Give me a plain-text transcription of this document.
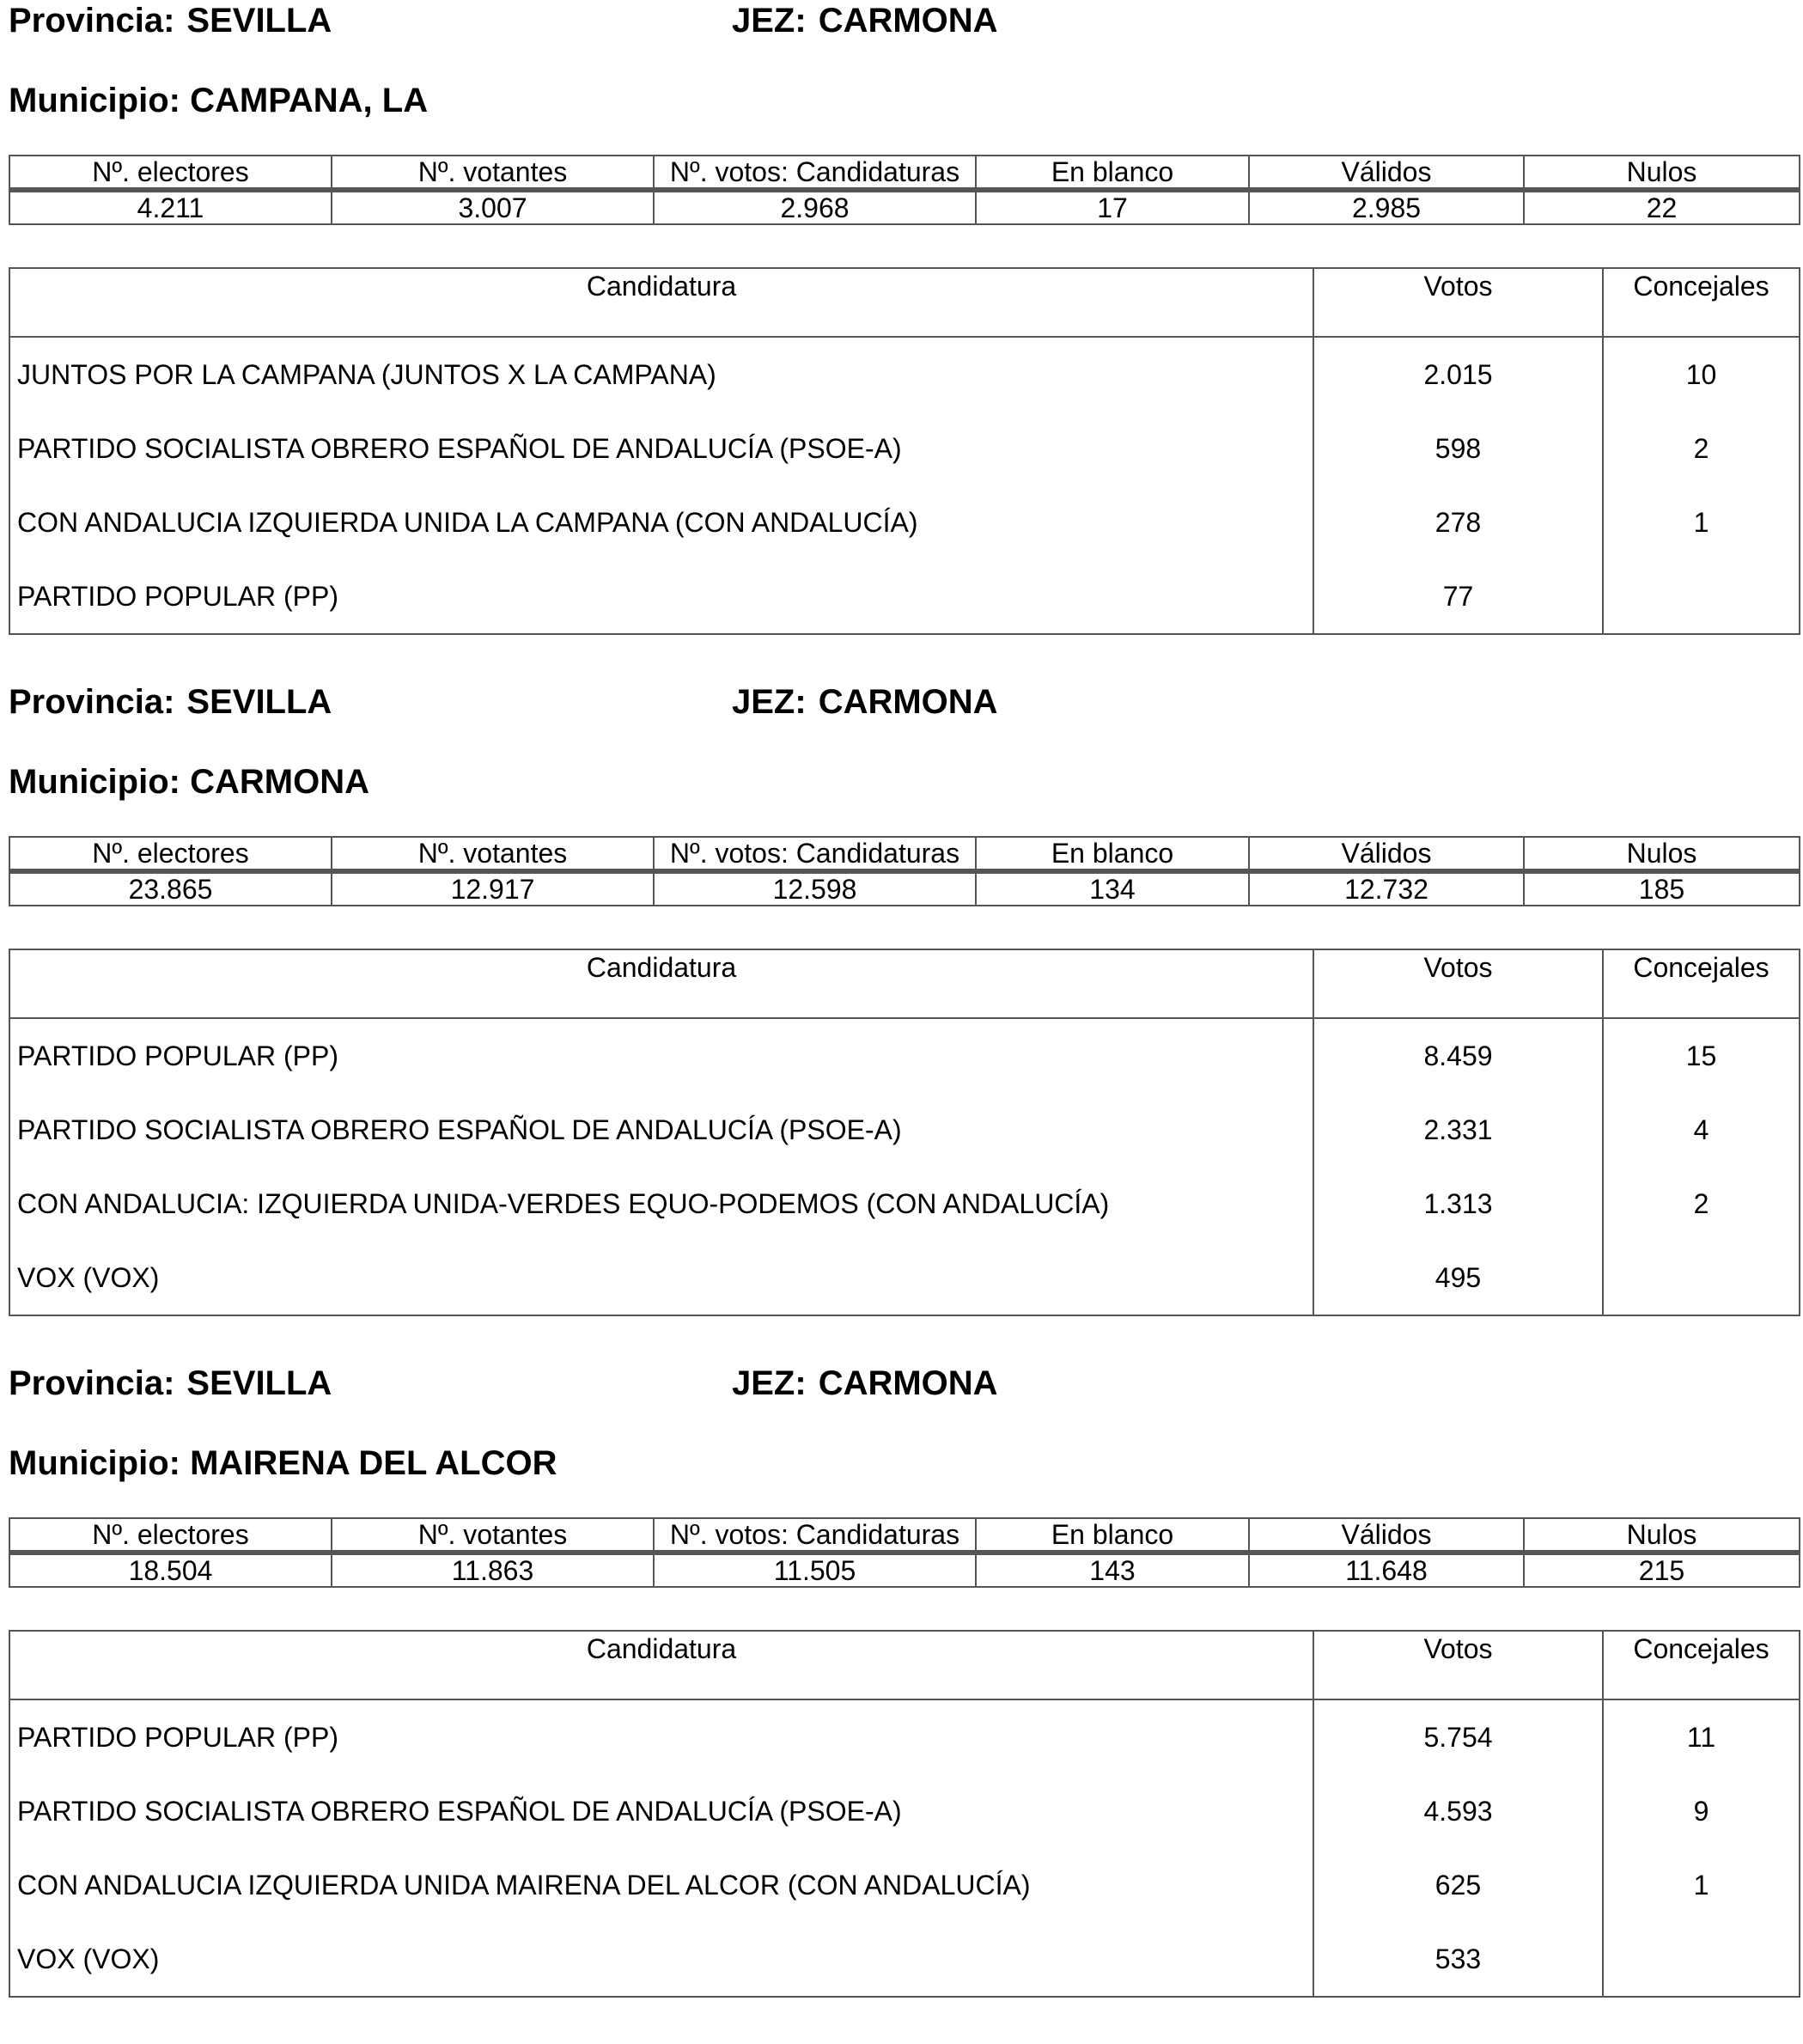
Provincia: SEVILLA	JEZ: CARMONA
Municipio: CAMPANA, LA
Nº. electores	Nº. votantes	Nº. votos: Candidaturas	En blanco	Válidos	Nulos
4.211	3.007	2.968	17	2.985	22
Candidatura	Votos	Concejales
JUNTOS POR LA CAMPANA (JUNTOS X LA CAMPANA)	2.015	10
PARTIDO SOCIALISTA OBRERO ESPAÑOL DE ANDALUCÍA (PSOE-A)	598	2
CON ANDALUCIA IZQUIERDA UNIDA LA CAMPANA (CON ANDALUCÍA)	278	1
PARTIDO POPULAR (PP)	77	
Provincia: SEVILLA	JEZ: CARMONA
Municipio: CARMONA
Nº. electores	Nº. votantes	Nº. votos: Candidaturas	En blanco	Válidos	Nulos
23.865	12.917	12.598	134	12.732	185
Candidatura	Votos	Concejales
PARTIDO POPULAR (PP)	8.459	15
PARTIDO SOCIALISTA OBRERO ESPAÑOL DE ANDALUCÍA (PSOE-A)	2.331	4
CON ANDALUCIA: IZQUIERDA UNIDA-VERDES EQUO-PODEMOS (CON ANDALUCÍA)	1.313	2
VOX (VOX)	495	
Provincia: SEVILLA	JEZ: CARMONA
Municipio: MAIRENA DEL ALCOR
Nº. electores	Nº. votantes	Nº. votos: Candidaturas	En blanco	Válidos	Nulos
18.504	11.863	11.505	143	11.648	215
Candidatura	Votos	Concejales
PARTIDO POPULAR (PP)	5.754	11
PARTIDO SOCIALISTA OBRERO ESPAÑOL DE ANDALUCÍA (PSOE-A)	4.593	9
CON ANDALUCIA IZQUIERDA UNIDA MAIRENA DEL ALCOR (CON ANDALUCÍA)	625	1
VOX (VOX)	533	
